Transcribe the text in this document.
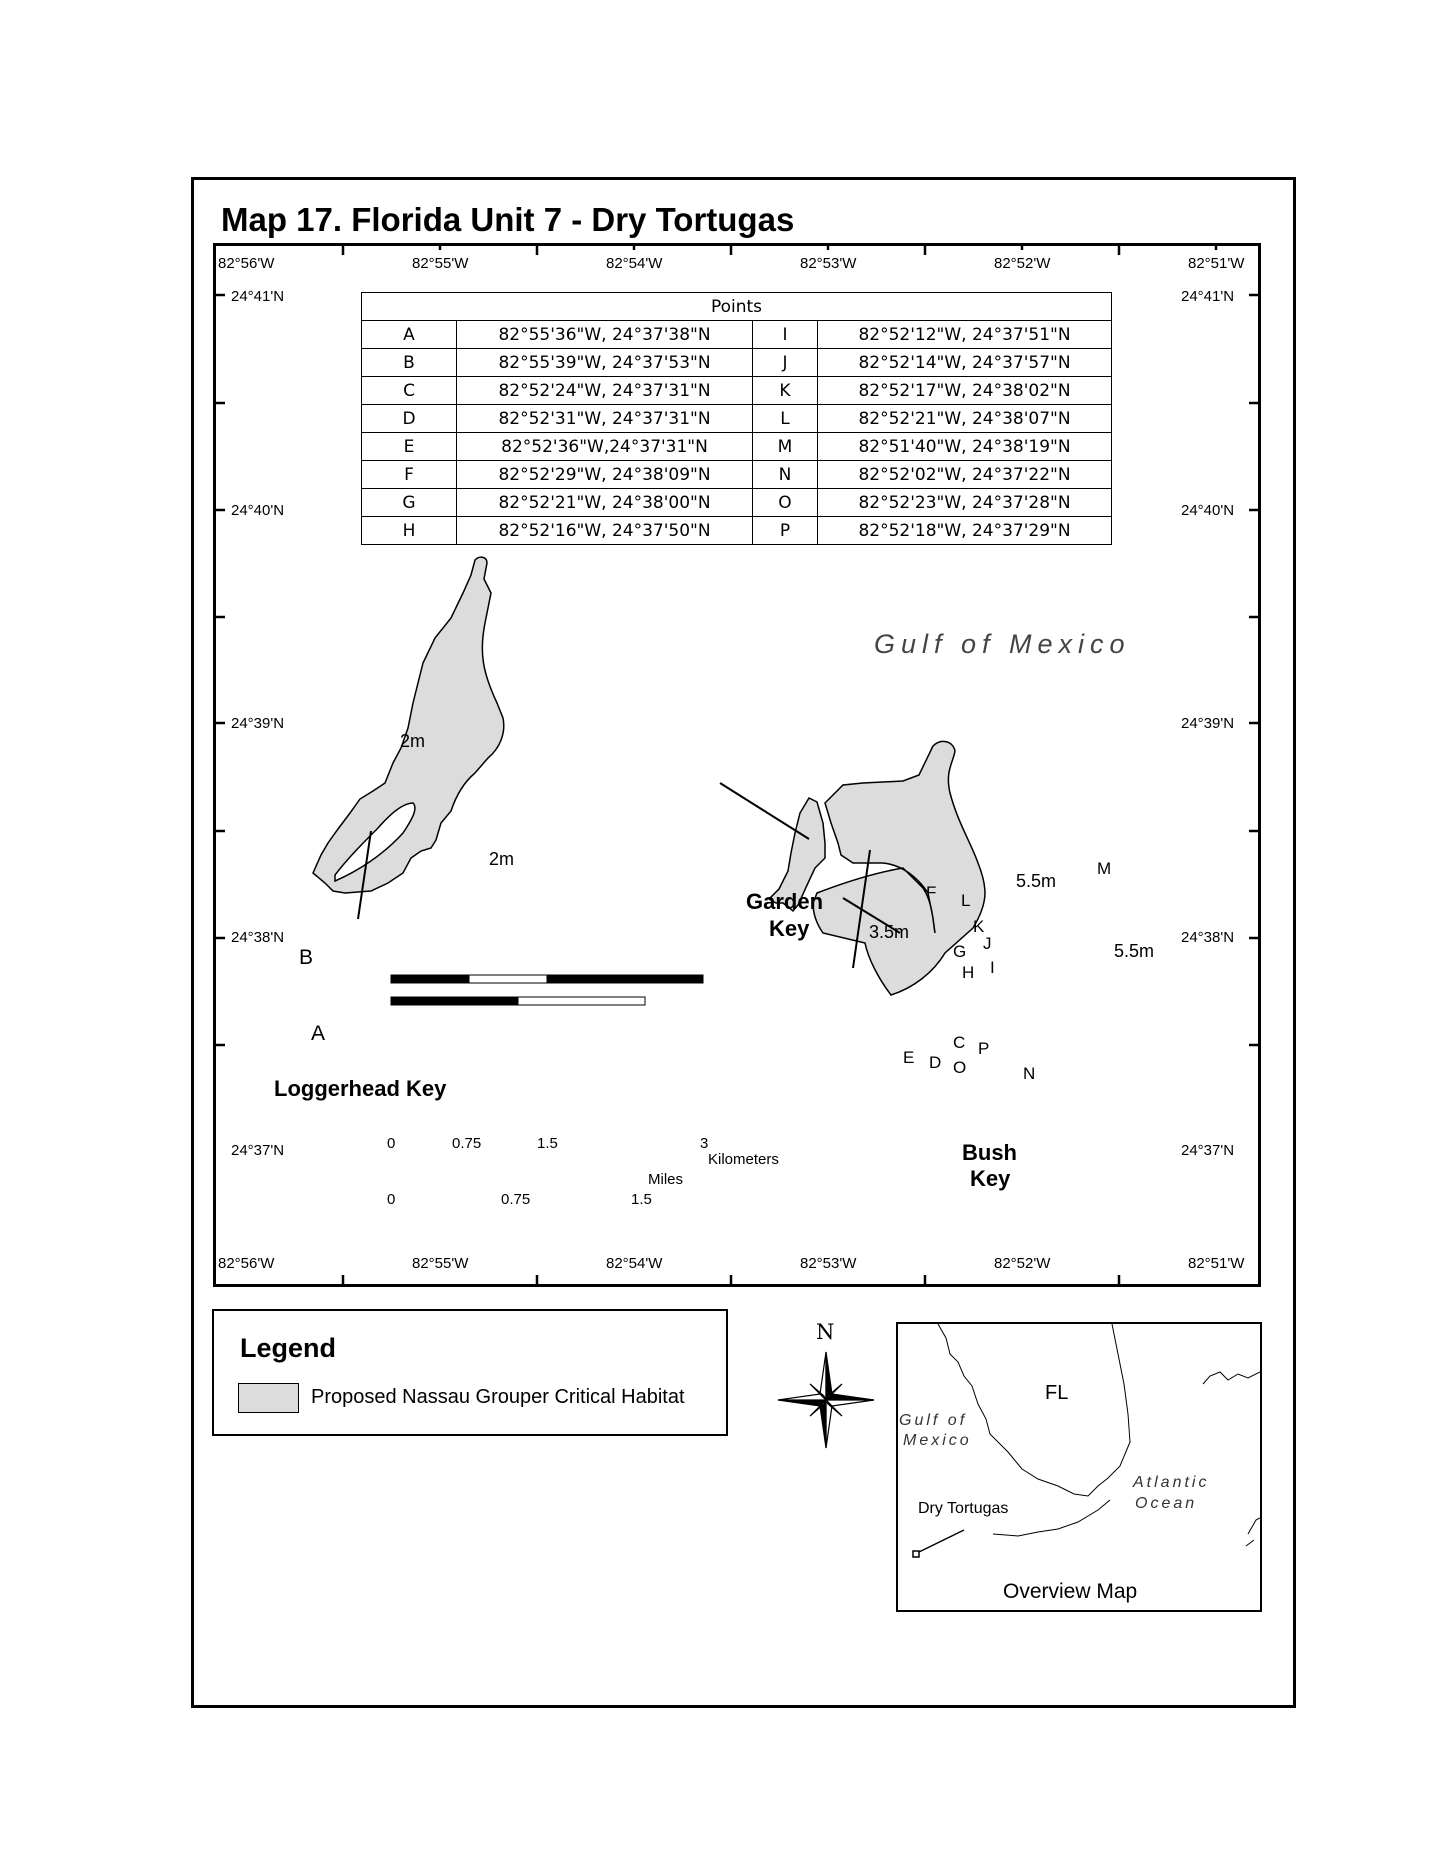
Map 17. Florida Unit 7 - Dry Tortugas
82°56'W	82°55'W	82°54'W	82°53'W	82°52'W	82°51'W
82°56'W	82°55'W	82°54'W	82°53'W	82°52'W	82°51'W
24°41'N
24°40'N
24°39'N
24°38'N
24°37'N
24°41'N
24°40'N
24°39'N
24°38'N
24°37'N
Points			
A	82°55'36"W, 24°37'38"N	I	82°52'12"W, 24°37'51"N
B	82°55'39"W, 24°37'53"N	J	82°52'14"W, 24°37'57"N
C	82°52'24"W, 24°37'31"N	K	82°52'17"W, 24°38'02"N
D	82°52'31"W, 24°37'31"N	L	82°52'21"W, 24°38'07"N
E	82°52'36"W,24°37'31"N	M	82°51'40"W, 24°38'19"N
F	82°52'29"W, 24°38'09"N	N	82°52'02"W, 24°37'22"N
G	82°52'21"W, 24°38'00"N	O	82°52'23"W, 24°37'28"N
H	82°52'16"W, 24°37'50"N	P	82°52'18"W, 24°37'29"N
Gulf of Mexico
2m
2m
3.5m
5.5m
5.5m
Loggerhead Key
Garden
Key
Bush
Key
A
B
C
D
E
F
G
H I
J
K
L
M
N
O
P
0	0.75	1.5	3
Kilometers
Miles
0	0.75	1.5
Legend
Proposed Nassau Grouper Critical Habitat
N
FL
Gulf of
Mexico
Atlantic
Ocean
Dry Tortugas
Overview Map
